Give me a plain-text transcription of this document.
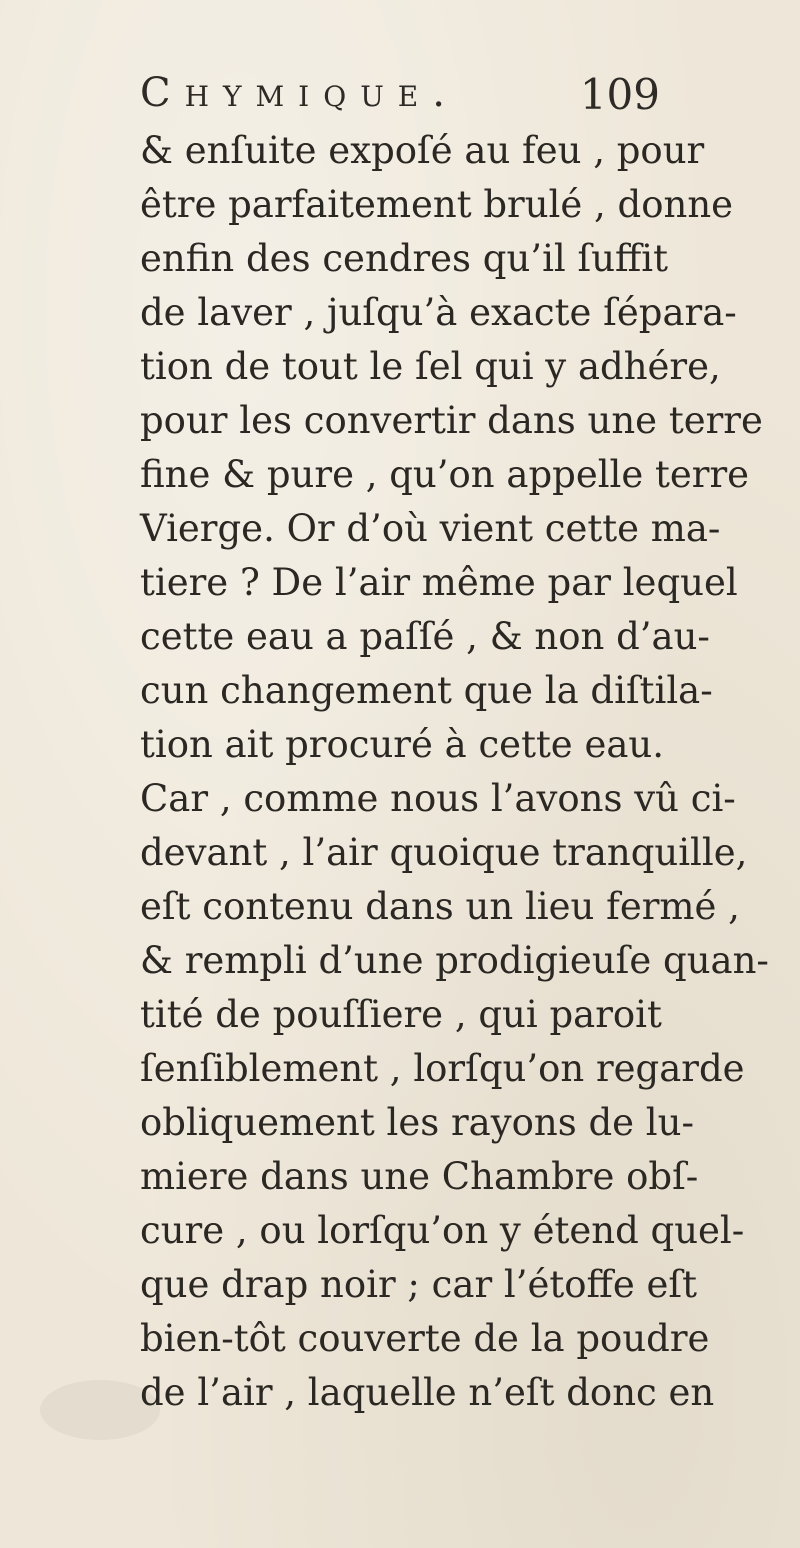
Chymique.	109
& enſuite expoſé au feu , pour
être parfaitement brulé , donne
enfin des cendres qu’il ſuffit
de laver , juſqu’à exacte ſépara-
tion de tout le ſel qui y adhére,
pour les convertir dans une terre
fine & pure , qu’on appelle terre
Vierge. Or d’où vient cette ma-
tiere ? De l’air même par lequel
cette eau a paſſé , & non d’au-
cun changement que la diſtila-
tion ait procuré à cette eau.
Car , comme nous l’avons vû ci-
devant , l’air quoique tranquille,
eſt contenu dans un lieu fermé ,
& rempli d’une prodigieuſe quan-
tité de pouſſiere , qui paroit
ſenſiblement , lorſqu’on regarde
obliquement les rayons de lu-
miere dans une Chambre obſ-
cure , ou lorſqu’on y étend quel-
que drap noir ; car l’étoffe eſt
bien-tôt couverte de la poudre
de l’air , laquelle n’eſt donc en
